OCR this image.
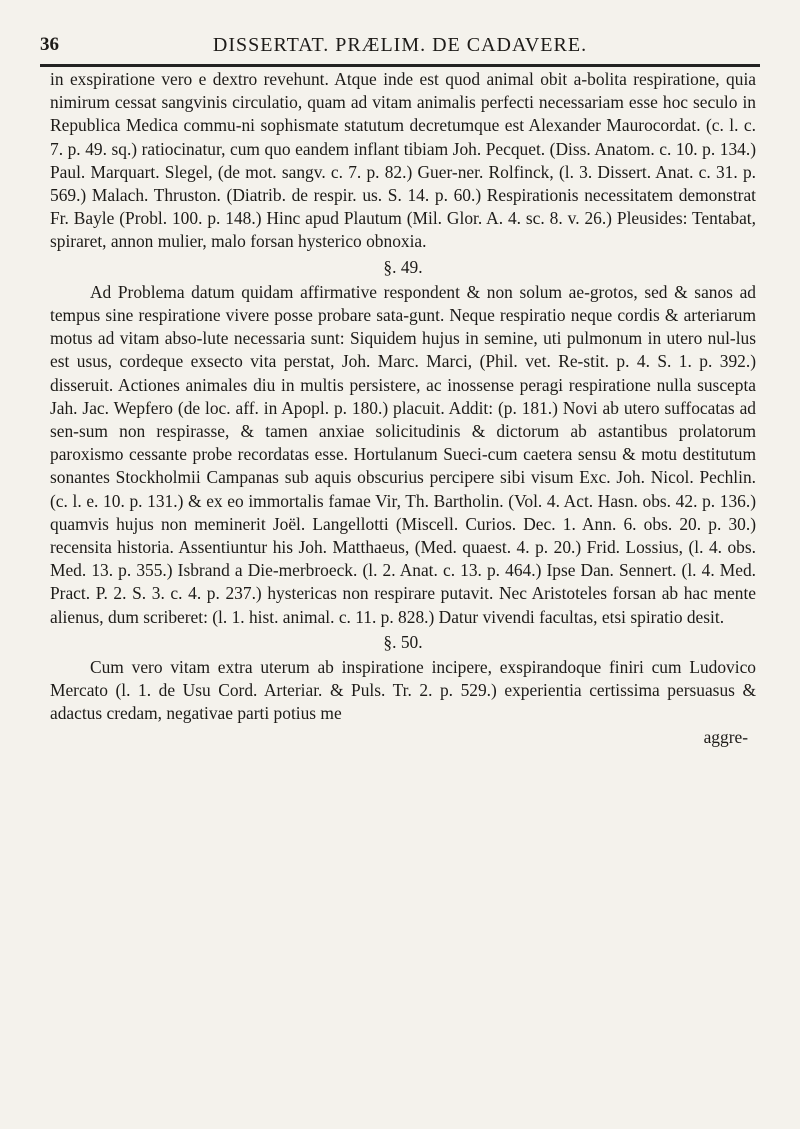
36	DISSERTAT. PRÆLIM. DE CADAVERE.

in exspiratione vero e dextro revehunt. Atque inde est quod animal obit a-bolita respiratione, quia nimirum cessat sangvinis circulatio, quam ad vitam animalis perfecti necessariam esse hoc seculo in Republica Medica commu-ni sophismate statutum decretumque est Alexander Maurocordat. (c. l. c. 7. p. 49. sq.) ratiocinatur, cum quo eandem inflant tibiam Joh. Pecquet. (Diss. Anatom. c. 10. p. 134.) Paul. Marquart. Slegel, (de mot. sangv. c. 7. p. 82.) Guer-ner. Rolfinck, (l. 3. Dissert. Anat. c. 31. p. 569.) Malach. Thruston. (Diatrib. de respir. us. S. 14. p. 60.) Respirationis necessitatem demonstrat Fr. Bayle (Probl. 100. p. 148.) Hinc apud Plautum (Mil. Glor. A. 4. sc. 8. v. 26.) Pleusides: Tentabat, spiraret, annon mulier, malo forsan hysterico obnoxia.

§. 49.

Ad Problema datum quidam affirmative respondent & non solum ae-grotos, sed & sanos ad tempus sine respiratione vivere posse probare sata-gunt. Neque respiratio neque cordis & arteriarum motus ad vitam abso-lute necessaria sunt: Siquidem hujus in semine, uti pulmonum in utero nul-lus est usus, cordeque exsecto vita perstat, Joh. Marc. Marci, (Phil. vet. Re-stit. p. 4. S. 1. p. 392.) disseruit. Actiones animales diu in multis persistere, ac inossense peragi respiratione nulla suscepta Jah. Jac. Wepfero (de loc. aff. in Apopl. p. 180.) placuit. Addit: (p. 181.) Novi ab utero suffocatas ad sen-sum non respirasse, & tamen anxiae solicitudinis & dictorum ab astantibus prolatorum paroxismo cessante probe recordatas esse. Hortulanum Sueci-cum caetera sensu & motu destitutum sonantes Stockholmii Campanas sub aquis obscurius percipere sibi visum Exc. Joh. Nicol. Pechlin. (c. l. e. 10. p. 131.) & ex eo immortalis famae Vir, Th. Bartholin. (Vol. 4. Act. Hasn. obs. 42. p. 136.) quamvis hujus non meminerit Joël. Langellotti (Miscell. Curios. Dec. 1. Ann. 6. obs. 20. p. 30.) recensita historia. Assentiuntur his Joh. Matthaeus, (Med. quaest. 4. p. 20.) Frid. Lossius, (l. 4. obs. Med. 13. p. 355.) Isbrand a Die-merbroeck. (l. 2. Anat. c. 13. p. 464.) Ipse Dan. Sennert. (l. 4. Med. Pract. P. 2. S. 3. c. 4. p. 237.) hystericas non respirare putavit. Nec Aristoteles forsan ab hac mente alienus, dum scriberet: (l. 1. hist. animal. c. 11. p. 828.) Datur vivendi facultas, etsi spiratio desit.

§. 50.

Cum vero vitam extra uterum ab inspiratione incipere, exspirandoque finiri cum Ludovico Mercato (l. 1. de Usu Cord. Arteriar. & Puls. Tr. 2. p. 529.) experientia certissima persuasus & adactus credam, negativae parti potius me

aggre-
